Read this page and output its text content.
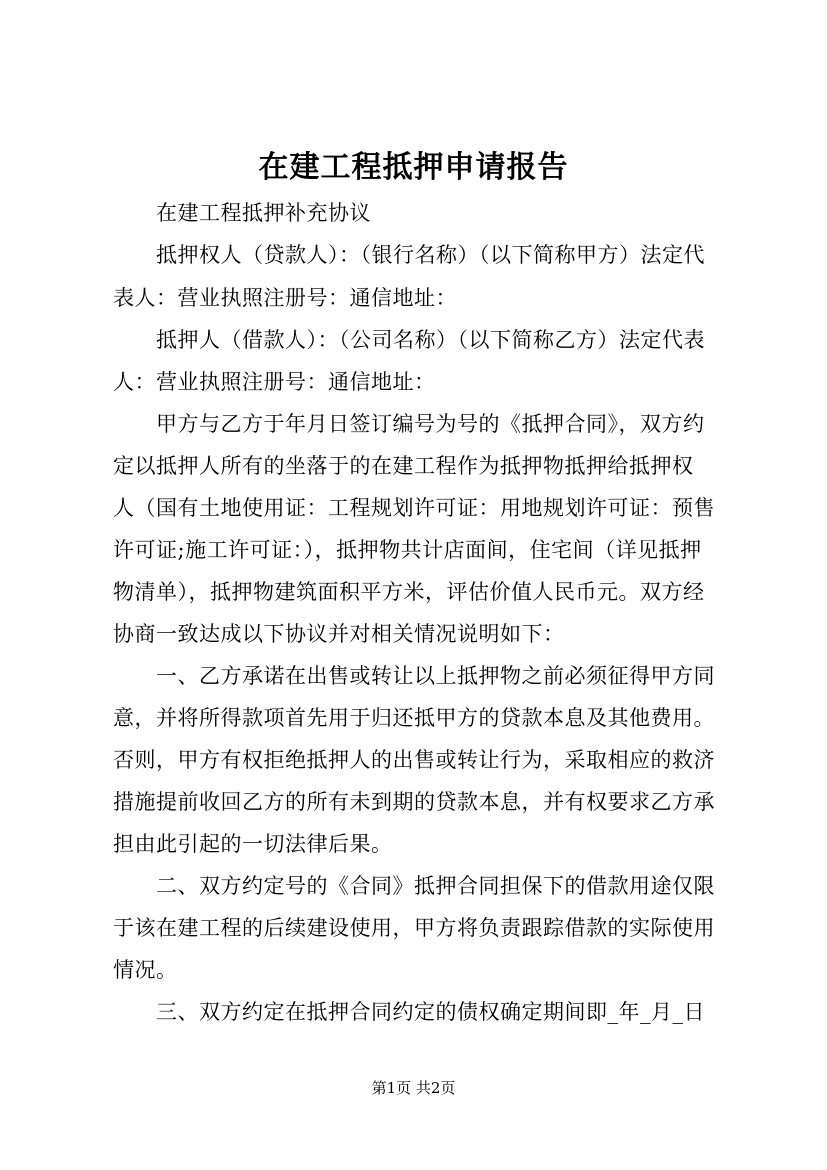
在建工程抵押申请报告
　　在建工程抵押补充协议
　　抵押权人（贷款人）：（银行名称）（以下简称甲方）法定代
表人：营业执照注册号：通信地址：
　　抵押人（借款人）：（公司名称）（以下简称乙方）法定代表
人：营业执照注册号：通信地址：
　　甲方与乙方于年月日签订编号为号的《抵押合同》，双方约
定以抵押人所有的坐落于的在建工程作为抵押物抵押给抵押权
人（国有土地使用证：工程规划许可证：用地规划许可证：预售
许可证;施工许可证：），抵押物共计店面间，住宅间（详见抵押
物清单），抵押物建筑面积平方米，评估价值人民币元。双方经
协商一致达成以下协议并对相关情况说明如下：
　　一、乙方承诺在出售或转让以上抵押物之前必须征得甲方同
意，并将所得款项首先用于归还抵甲方的贷款本息及其他费用。
否则，甲方有权拒绝抵押人的出售或转让行为，采取相应的救济
措施提前收回乙方的所有未到期的贷款本息，并有权要求乙方承
担由此引起的一切法律后果。
　　二、双方约定号的《合同》抵押合同担保下的借款用途仅限
于该在建工程的后续建设使用，甲方将负责跟踪借款的实际使用
情况。
　　三、双方约定在抵押合同约定的债权确定期间即_年_月_日
第1页 共2页
